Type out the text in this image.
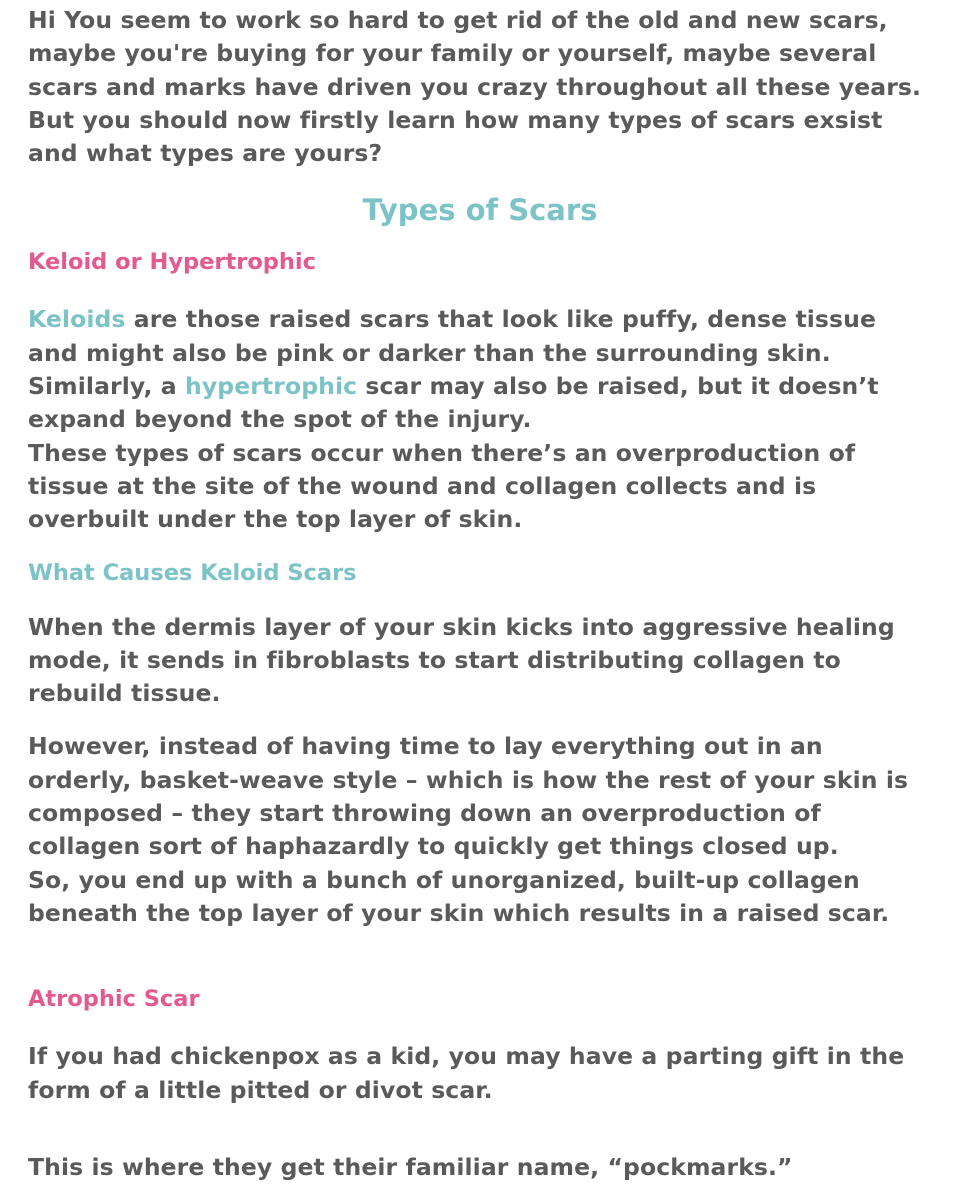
Hi You seem to work so hard to get rid of the old and new scars, maybe you're buying for your family or yourself, maybe several scars and marks have driven you crazy throughout all these years. But you should now firstly learn how many types of scars exsist and what types are yours?

Types of Scars
Keloid or Hypertrophic

Keloids are those raised scars that look like puffy, dense tissue and might also be pink or darker than the surrounding skin.

Similarly, a hypertrophic scar may also be raised, but it doesn’t expand beyond the spot of the injury.

These types of scars occur when there’s an overproduction of tissue at the site of the wound and collagen collects and is overbuilt under the top layer of skin.

What Causes Keloid Scars

When the dermis layer of your skin kicks into aggressive healing mode, it sends in fibroblasts to start distributing collagen to rebuild tissue.

However, instead of having time to lay everything out in an orderly, basket-weave style – which is how the rest of your skin is composed – they start throwing down an overproduction of collagen sort of haphazardly to quickly get things closed up.

So, you end up with a bunch of unorganized, built-up collagen beneath the top layer of your skin which results in a raised scar.

Atrophic Scar

If you had chickenpox as a kid, you may have a parting gift in the form of a little pitted or divot scar.

This is where they get their familiar name, “pockmarks.”
